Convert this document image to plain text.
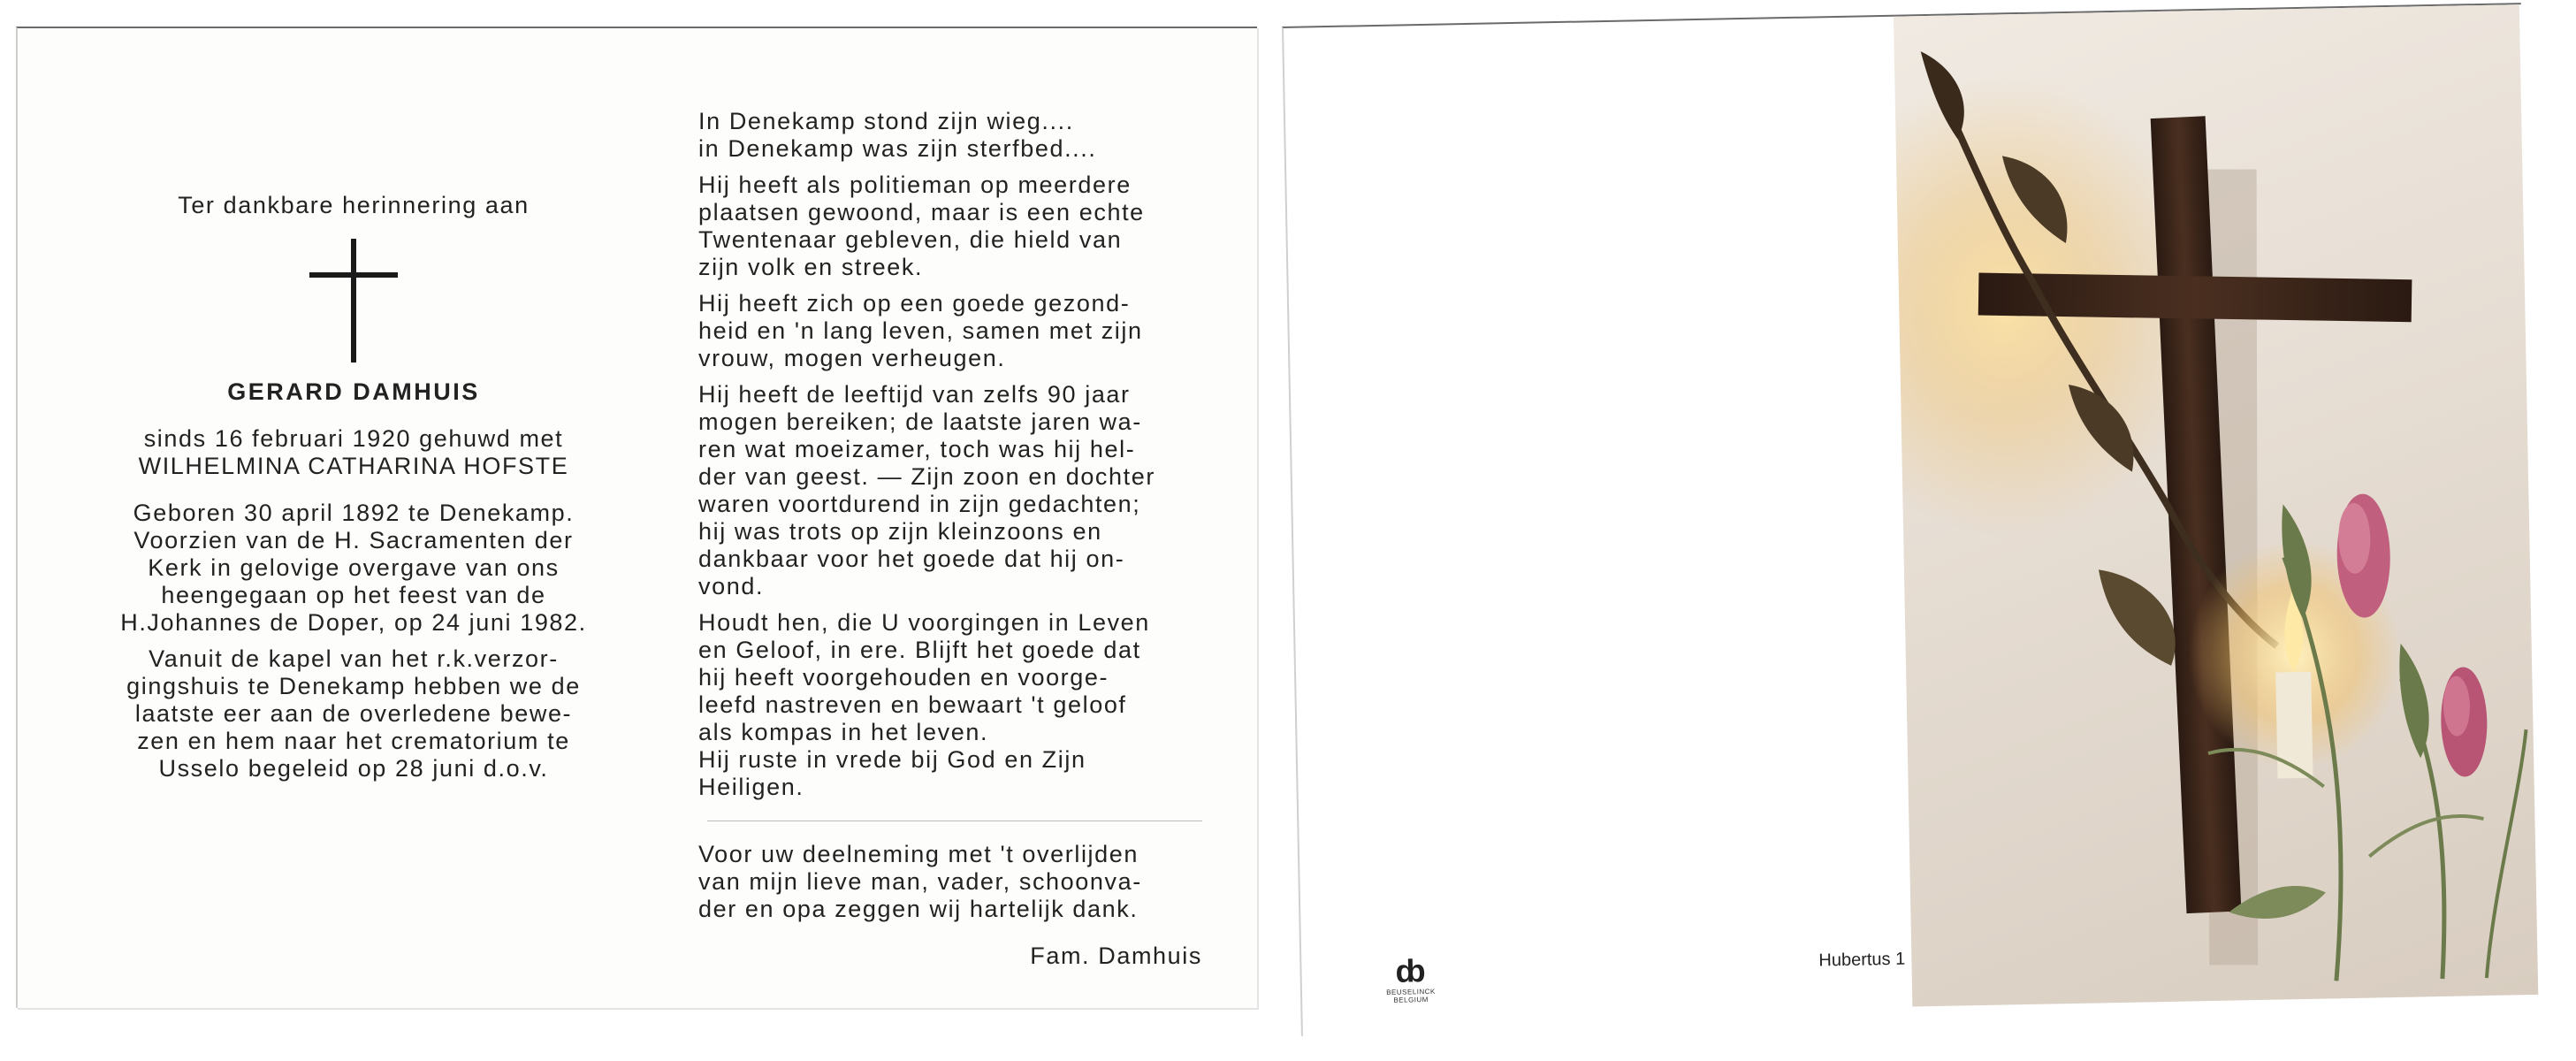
Ter dankbare herinnering aan

GERARD DAMHUIS

sinds 16 februari 1920 gehuwd met

WILHELMINA CATHARINA HOFSTE

Geboren 30 april 1892 te Denekamp.

Voorzien van de H. Sacramenten der

Kerk in gelovige overgave van ons

heengegaan op het feest van de

H.Johannes de Doper, op 24 juni 1982.

Vanuit de kapel van het r.k.verzor-

gingshuis te Denekamp hebben we de

laatste eer aan de overledene bewe-

zen en hem naar het crematorium te

Usselo begeleid op 28 juni d.o.v.

In Denekamp stond zijn wieg....

in Denekamp was zijn sterfbed....

Hij heeft als politieman op meerdere

plaatsen gewoond, maar is een echte

Twentenaar gebleven, die hield van

zijn volk en streek.

Hij heeft zich op een goede gezond-

heid en 'n lang leven, samen met zijn

vrouw, mogen verheugen.

Hij heeft de leeftijd van zelfs 90 jaar

mogen bereiken; de laatste jaren wa-

ren wat moeizamer, toch was hij hel-

der van geest. — Zijn zoon en dochter

waren voortdurend in zijn gedachten;

hij was trots op zijn kleinzoons en

dankbaar voor het goede dat hij on-

vond.

Houdt hen, die U voorgingen in Leven

en Geloof, in ere. Blijft het goede dat

hij heeft voorgehouden en voorge-

leefd nastreven en bewaart 't geloof

als kompas in het leven.

Hij ruste in vrede bij God en Zijn

Heiligen.

Voor uw deelneming met 't overlijden

van mijn lieve man, vader, schoonva-

der en opa zeggen wij hartelijk dank.

Fam. Damhuis	ȸ
BEUSELINCK
BELGIUM
Hubertus 1
